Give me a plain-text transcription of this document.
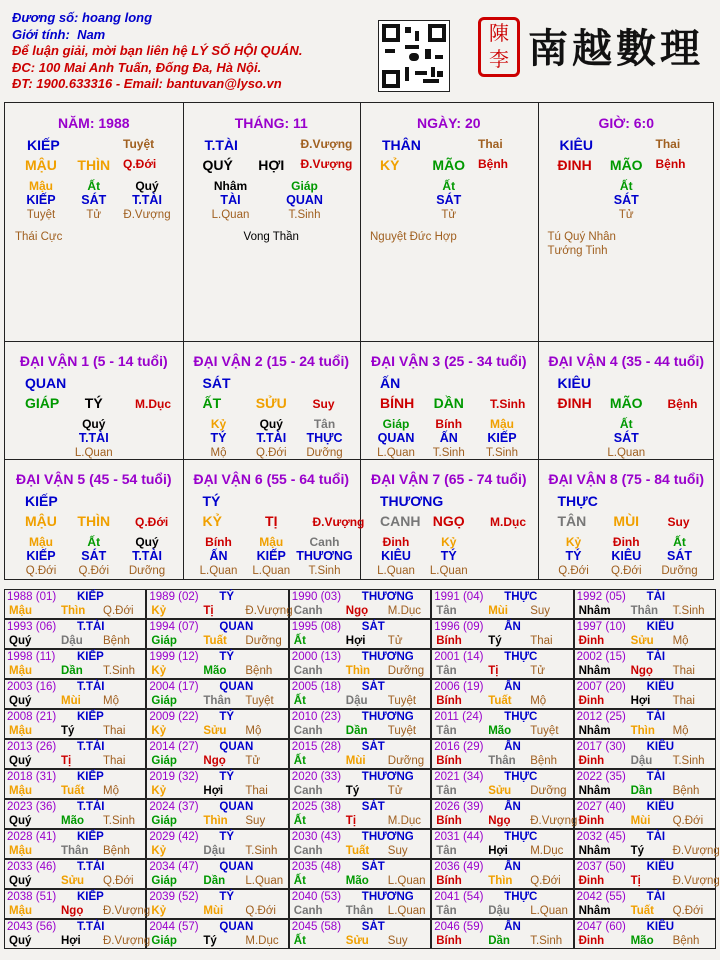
Đương số: hoang long
Giới tính: Nam
Để luận giải, mời bạn liên hệ LÝ SỐ HỘI QUÁN.
ĐC: 100 Mai Anh Tuấn, Đống Đa, Hà Nội.
ĐT: 1900.633316 - Email: bantuvan@lyso.vn
陳李 南越數理
NĂM: 1988
KIẾP	Tuyệt
MẬU THÌN Q.Đới
Mậu
KIẾP
Tuyệt
Ất
SÁT
Tử
Quý
T.TÀI
Đ.Vượng
Thái Cực
THÁNG: 11
T.TÀI	Đ.Vượng
QUÝ HỢI Đ.Vượng
Nhâm
TÀI
L.Quan
Giáp
QUAN
T.Sinh
Vong Thần
NGÀY: 20
THÂN	Thai
KỶ MÃO Bệnh
Ất
SÁT
Tử
Nguyệt Đức Hợp
GIỜ: 6:0
KIÊU	Thai
ĐINH MÃO Bệnh
Ất
SÁT
Tử
Tú Quý Nhân
Tướng Tinh
ĐẠI VẬN 1 (5 - 14 tuổi)
QUAN
GIÁP TÝ	M.Dục
Quý
T.TÀI
L.Quan
ĐẠI VẬN 2 (15 - 24 tuổi)
SÁT
ẤT SỬU Suy
Kỷ
TÝ
Mộ
Quý
T.TÀI
Q.Đới
Tân
THỰC
Dưỡng
ĐẠI VẬN 3 (25 - 34 tuổi)
ẤN
BÍNH DẦN T.Sinh
Giáp
QUAN
L.Quan
Bính
ẤN
T.Sinh
Mậu
KIẾP
T.Sinh
ĐẠI VẬN 4 (35 - 44 tuổi)
KIÊU
ĐINH MÃO Bệnh
Ất
SÁT
L.Quan
ĐẠI VẬN 5 (45 - 54 tuổi)
KIẾP
MẬU THÌN Q.Đới
Mậu
KIẾP
Q.Đới
Ất
SÁT
Q.Đới
Quý
T.TÀI
Dưỡng
ĐẠI VẬN 6 (55 - 64 tuổi)
TÝ
KỶ	TỊ	Đ.Vượng
Bính
ẤN
L.Quan
Mậu
KIẾP
L.Quan
Canh
THƯƠNG
T.Sinh
ĐẠI VẬN 7 (65 - 74 tuổi)
THƯƠNG
CANH NGỌ M.Dục
Đinh
KIÊU
L.Quan
Kỷ
TÝ
L.Quan
ĐẠI VẬN 8 (75 - 84 tuổi)
THỰC
TÂN MÙI Suy
Kỷ
TÝ
Q.Đới
Đinh
KIÊU
Q.Đới
Ất
SÁT
Dưỡng
1988 (01) KIẾP
Mậu	Thìn Q.Đới
1989 (02) TÝ
Kỷ	Tị	Đ.Vượng
1990 (03) THƯƠNG
Canh Ngọ M.Dục
1991 (04) THỰC
Tân	Mùi Suy
1992 (05) TÀI
Nhâm Thân T.Sinh
1993 (06) T.TÀI
Quý	Dậu Bệnh
1994 (07) QUAN
Giáp Tuất Dưỡng
1995 (08) SÁT
Ất	Hợi Tử
1996 (09) ẤN
Bính Tý Thai
1997 (10) KIÊU
Đinh Sửu Mộ
1998 (11) KIẾP
Mậu	Dần T.Sinh
1999 (12) TÝ
Kỷ	Mão Bệnh
2000 (13) THƯƠNG
Canh Thìn Dưỡng
2001 (14) THỰC
Tân	Tị	Tử
2002 (15) TÀI
Nhâm Ngọ Thai
2003 (16) T.TÀI
Quý	Mùi Mộ
2004 (17) QUAN
Giáp Thân Tuyệt
2005 (18) SÁT
Ất	Dậu Tuyệt
2006 (19) ẤN
Bính Tuất Mộ
2007 (20) KIÊU
Đinh Hợi Thai
2008 (21) KIẾP
Mậu	Tý Thai
2009 (22) TÝ
Kỷ	Sửu Mộ
2010 (23) THƯƠNG
Canh Dần Tuyệt
2011 (24) THỰC
Tân	Mão Tuyệt
2012 (25) TÀI
Nhâm Thìn Mộ
2013 (26) T.TÀI
Quý	Tị	Thai
2014 (27) QUAN
Giáp Ngọ Tử
2015 (28) SÁT
Ất	Mùi Dưỡng
2016 (29) ẤN
Bính Thân Bệnh
2017 (30) KIÊU
Đinh Dậu T.Sinh
2018 (31) KIẾP
Mậu	Tuất Mộ
2019 (32) TÝ
Kỷ	Hợi Thai
2020 (33) THƯƠNG
Canh Tý Tử
2021 (34) THỰC
Tân	Sửu Dưỡng
2022 (35) TÀI
Nhâm Dần Bệnh
2023 (36) T.TÀI
Quý	Mão T.Sinh
2024 (37) QUAN
Giáp Thìn Suy
2025 (38) SÁT
Ất	Tị	M.Dục
2026 (39) ẤN
Bính Ngọ Đ.Vượng
2027 (40) KIÊU
Đinh Mùi Q.Đới
2028 (41) KIẾP
Mậu	Thân Bệnh
2029 (42) TÝ
Kỷ	Dậu T.Sinh
2030 (43) THƯƠNG
Canh Tuất Suy
2031 (44) THỰC
Tân	Hợi M.Dục
2032 (45) TÀI
Nhâm Tý Đ.Vượng
2033 (46) T.TÀI
Quý	Sửu Q.Đới
2034 (47) QUAN
Giáp Dần L.Quan
2035 (48) SÁT
Ất	Mão L.Quan
2036 (49) ẤN
Bính Thìn Q.Đới
2037 (50) KIÊU
Đinh Tị	Đ.Vượng
2038 (51) KIẾP
Mậu	Ngọ Đ.Vượng
2039 (52) TÝ
Kỷ	Mùi Q.Đới
2040 (53) THƯƠNG
Canh Thân L.Quan
2041 (54) THỰC
Tân	Dậu L.Quan
2042 (55) TÀI
Nhâm Tuất Q.Đới
2043 (56) T.TÀI
Quý	Hợi Đ.Vượng
2044 (57) QUAN
Giáp Tý M.Dục
2045 (58) SÁT
Ất	Sửu Suy
2046 (59) ẤN
Bính Dần T.Sinh
2047 (60) KIÊU
Đinh Mão Bệnh
